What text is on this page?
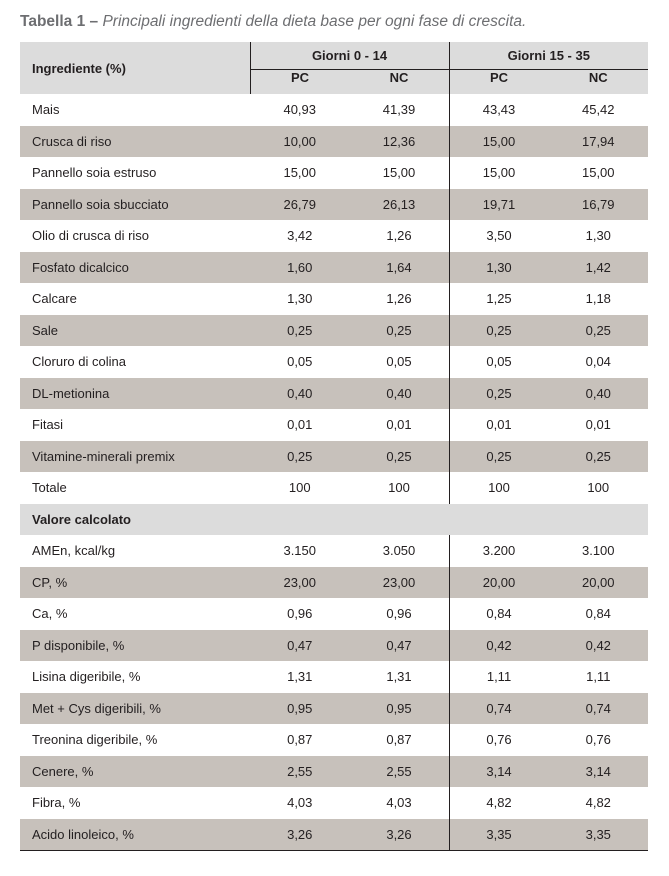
Tabella 1 – Principali ingredienti della dieta base per ogni fase di crescita.
Ingrediente (%)	Giorni 0 - 14		Giorni 15 - 35	
	PC	NC	PC	NC
Mais	40,93	41,39	43,43	45,42
Crusca di riso	10,00	12,36	15,00	17,94
Pannello soia estruso	15,00	15,00	15,00	15,00
Pannello soia sbucciato	26,79	26,13	19,71	16,79
Olio di crusca di riso	3,42	1,26	3,50	1,30
Fosfato dicalcico	1,60	1,64	1,30	1,42
Calcare	1,30	1,26	1,25	1,18
Sale	0,25	0,25	0,25	0,25
Cloruro di colina	0,05	0,05	0,05	0,04
DL-metionina	0,40	0,40	0,25	0,40
Fitasi	0,01	0,01	0,01	0,01
Vitamine-minerali premix	0,25	0,25	0,25	0,25
Totale	100	100	100	100
Valore calcolato				
AMEn, kcal/kg	3.150	3.050	3.200	3.100
CP, %	23,00	23,00	20,00	20,00
Ca, %	0,96	0,96	0,84	0,84
P disponibile, %	0,47	0,47	0,42	0,42
Lisina digeribile, %	1,31	1,31	1,11	1,11
Met + Cys digeribili, %	0,95	0,95	0,74	0,74
Treonina digeribile, %	0,87	0,87	0,76	0,76
Cenere, %	2,55	2,55	3,14	3,14
Fibra, %	4,03	4,03	4,82	4,82
Acido linoleico, %	3,26	3,26	3,35	3,35
